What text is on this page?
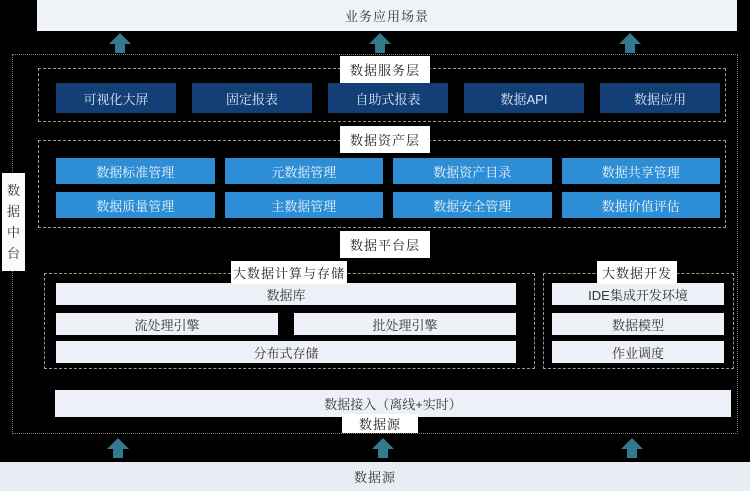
业务应用场景
数据中台
数据服务层
可视化大屏	固定报表	自助式报表	数据API	数据应用
数据资产层
数据标准管理	元数据管理	数据资产目录	数据共享管理
数据质量管理	主数据管理	数据安全管理	数据价值评估
数据平台层
大数据计算与存储
数据库
流处理引擎	批处理引擎
分布式存储
大数据开发
IDE集成开发环境
数据模型
作业调度
数据接入（离线+实时）
数据源
数据源
